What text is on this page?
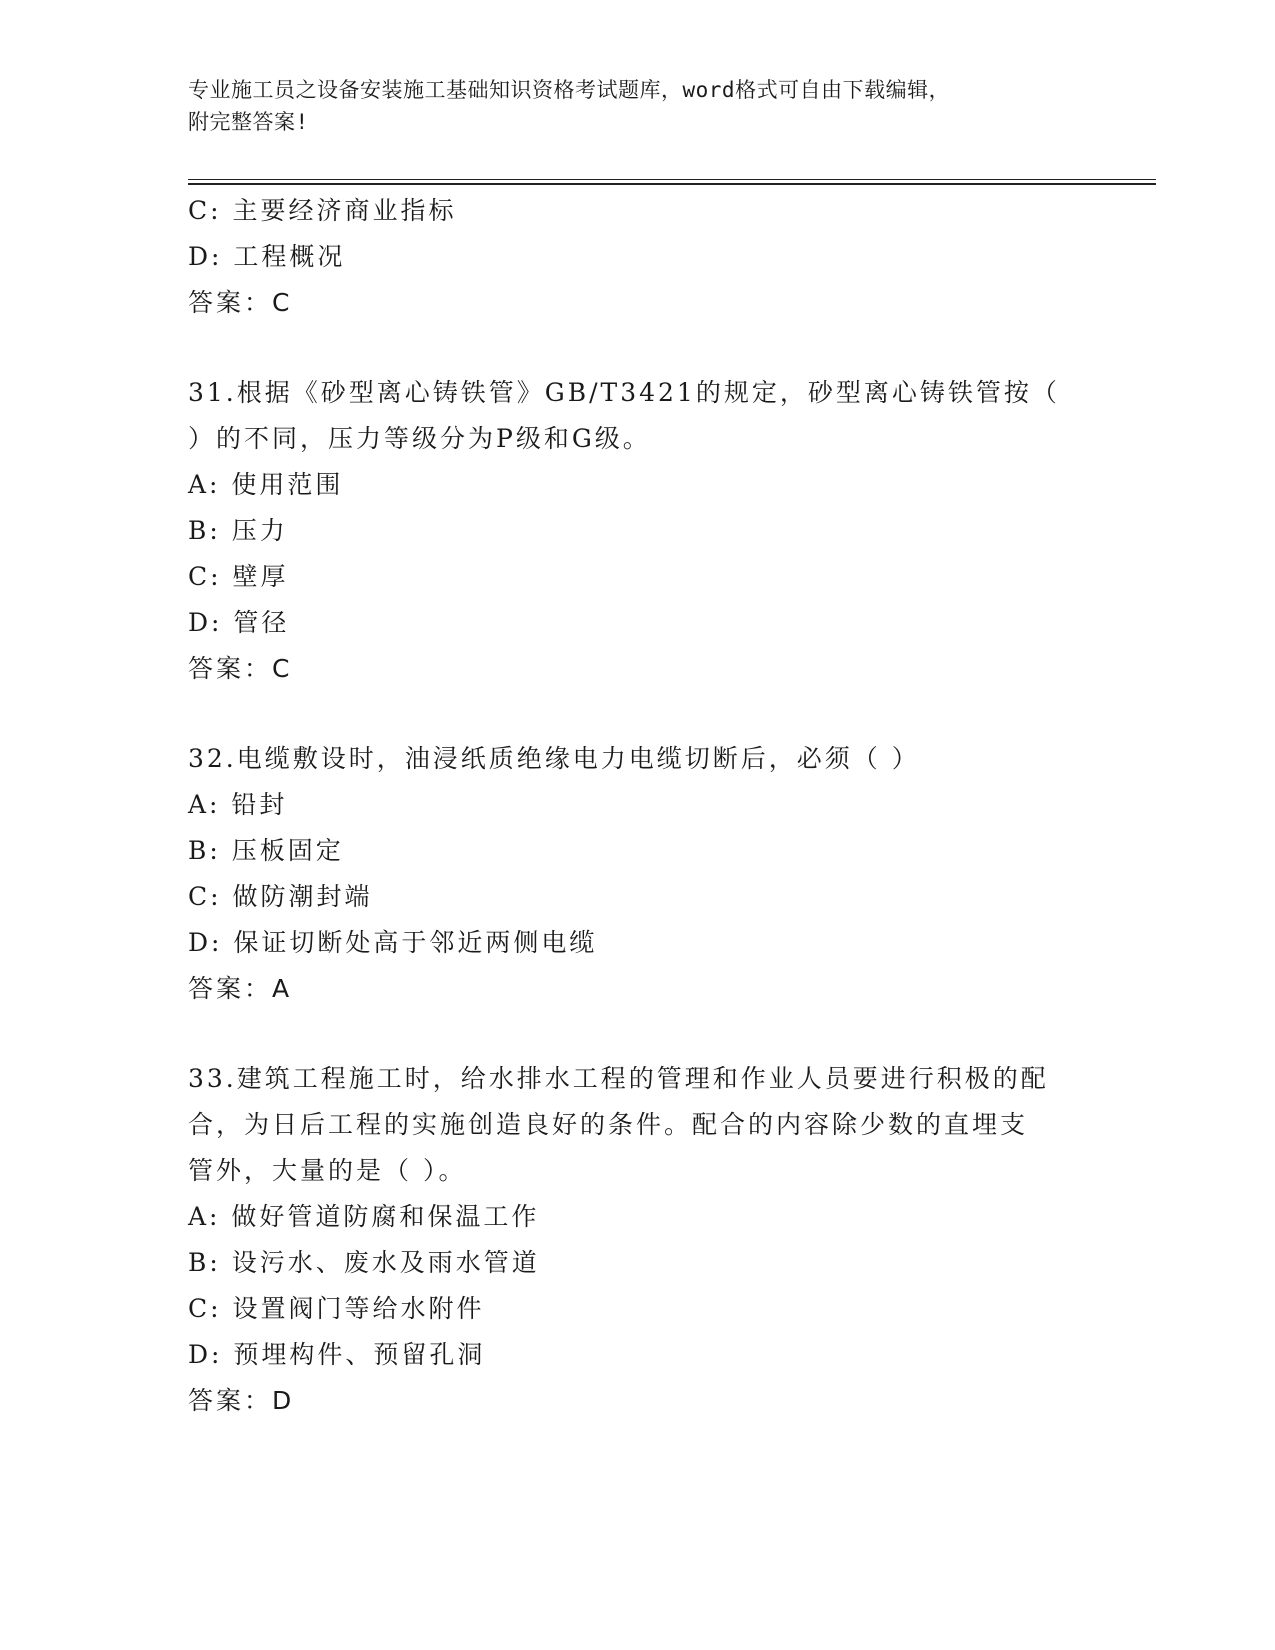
专业施工员之设备安装施工基础知识资格考试题库，word格式可自由下载编辑，
附完整答案!
C: 主要经济商业指标
D: 工程概况
答案：C
31.根据《砂型离心铸铁管》GB/T3421的规定，砂型离心铸铁管按（
）的不同，压力等级分为P级和G级。
A: 使用范围
B: 压力
C: 壁厚
D: 管径
答案：C
32.电缆敷设时，油浸纸质绝缘电力电缆切断后，必须（ ）
A: 铅封
B: 压板固定
C: 做防潮封端
D: 保证切断处高于邻近两侧电缆
答案：A
33.建筑工程施工时，给水排水工程的管理和作业人员要进行积极的配
合，为日后工程的实施创造良好的条件。配合的内容除少数的直埋支
管外，大量的是（ ）。
A: 做好管道防腐和保温工作
B: 设污水、废水及雨水管道
C: 设置阀门等给水附件
D: 预埋构件、预留孔洞
答案：D
